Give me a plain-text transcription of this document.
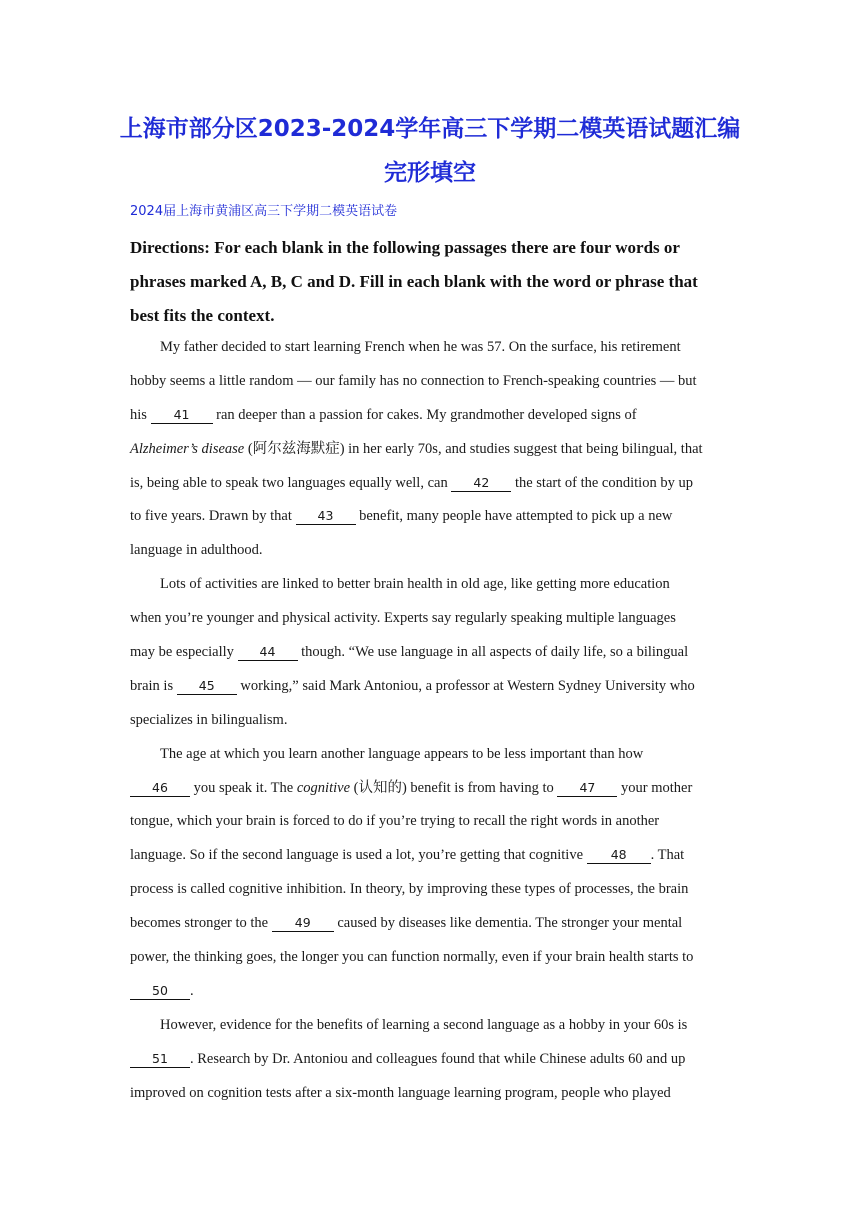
上海市部分区2023-2024学年高三下学期二模英语试题汇编
完形填空
2024届上海市黄浦区高三下学期二模英语试卷
Directions: For each blank in the following passages there are four words or
phrases marked A, B, C and D. Fill in each blank with the word or phrase that
best fits the context.
My father decided to start learning French when he was 57. On the surface, his retirement
hobby seems a little random — our family has no connection to French-speaking countries — but
his 41 ran deeper than a passion for cakes. My grandmother developed signs of
Alzheimer’s disease (阿尔兹海默症) in her early 70s, and studies suggest that being bilingual, that
is, being able to speak two languages equally well, can 42 the start of the condition by up
to five years. Drawn by that 43 benefit, many people have attempted to pick up a new
language in adulthood.
Lots of activities are linked to better brain health in old age, like getting more education
when you’re younger and physical activity. Experts say regularly speaking multiple languages
may be especially 44 though. “We use language in all aspects of daily life, so a bilingual
brain is 45 working,” said Mark Antoniou, a professor at Western Sydney University who
specializes in bilingualism.
The age at which you learn another language appears to be less important than how
46 you speak it. The cognitive (认知的) benefit is from having to 47 your mother
tongue, which your brain is forced to do if you’re trying to recall the right words in another
language. So if the second language is used a lot, you’re getting that cognitive 48 . That
process is called cognitive inhibition. In theory, by improving these types of processes, the brain
becomes stronger to the 49 caused by diseases like dementia. The stronger your mental
power, the thinking goes, the longer you can function normally, even if your brain health starts to
50 .
However, evidence for the benefits of learning a second language as a hobby in your 60s is
51 . Research by Dr. Antoniou and colleagues found that while Chinese adults 60 and up
improved on cognition tests after a six-month language learning program, people who played
